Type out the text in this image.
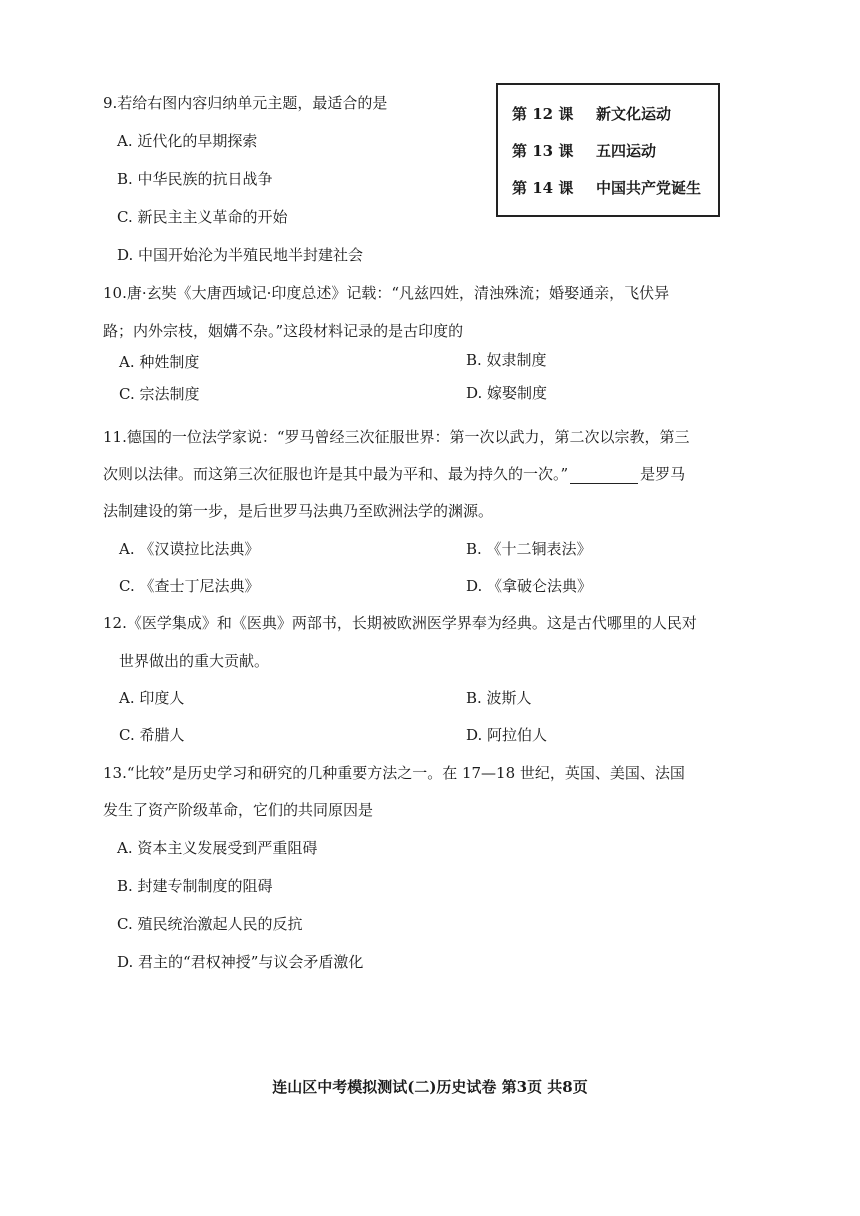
9.若给右图内容归纳单元主题，最适合的是
A. 近代化的早期探索
B. 中华民族的抗日战争
C. 新民主主义革命的开始
D. 中国开始沦为半殖民地半封建社会
第 12 课 新文化运动
第 13 课 五四运动
第 14 课 中国共产党诞生
10.唐·玄奘《大唐西域记·印度总述》记载：“凡兹四姓，清浊殊流；婚娶通亲，飞伏异
路；内外宗枝，姻媾不杂。”这段材料记录的是古印度的
A. 种姓制度	B. 奴隶制度
C. 宗法制度	D. 嫁娶制度
11.德国的一位法学家说：“罗马曾经三次征服世界：第一次以武力，第二次以宗教，第三
次则以法律。而这第三次征服也许是其中最为平和、最为持久的一次。”	是罗马
法制建设的第一步，是后世罗马法典乃至欧洲法学的渊源。
A. 《汉谟拉比法典》	B. 《十二铜表法》
C. 《查士丁尼法典》	D. 《拿破仑法典》
12.《医学集成》和《医典》两部书，长期被欧洲医学界奉为经典。这是古代哪里的人民对
世界做出的重大贡献。
A. 印度人	B. 波斯人
C. 希腊人	D. 阿拉伯人
13.“比较”是历史学习和研究的几种重要方法之一。在 17—18 世纪，英国、美国、法国
发生了资产阶级革命，它们的共同原因是
A. 资本主义发展受到严重阻碍
B. 封建专制制度的阻碍
C. 殖民统治激起人民的反抗
D. 君主的“君权神授”与议会矛盾激化
连山区中考模拟测试(二)历史试卷 第3页 共8页
